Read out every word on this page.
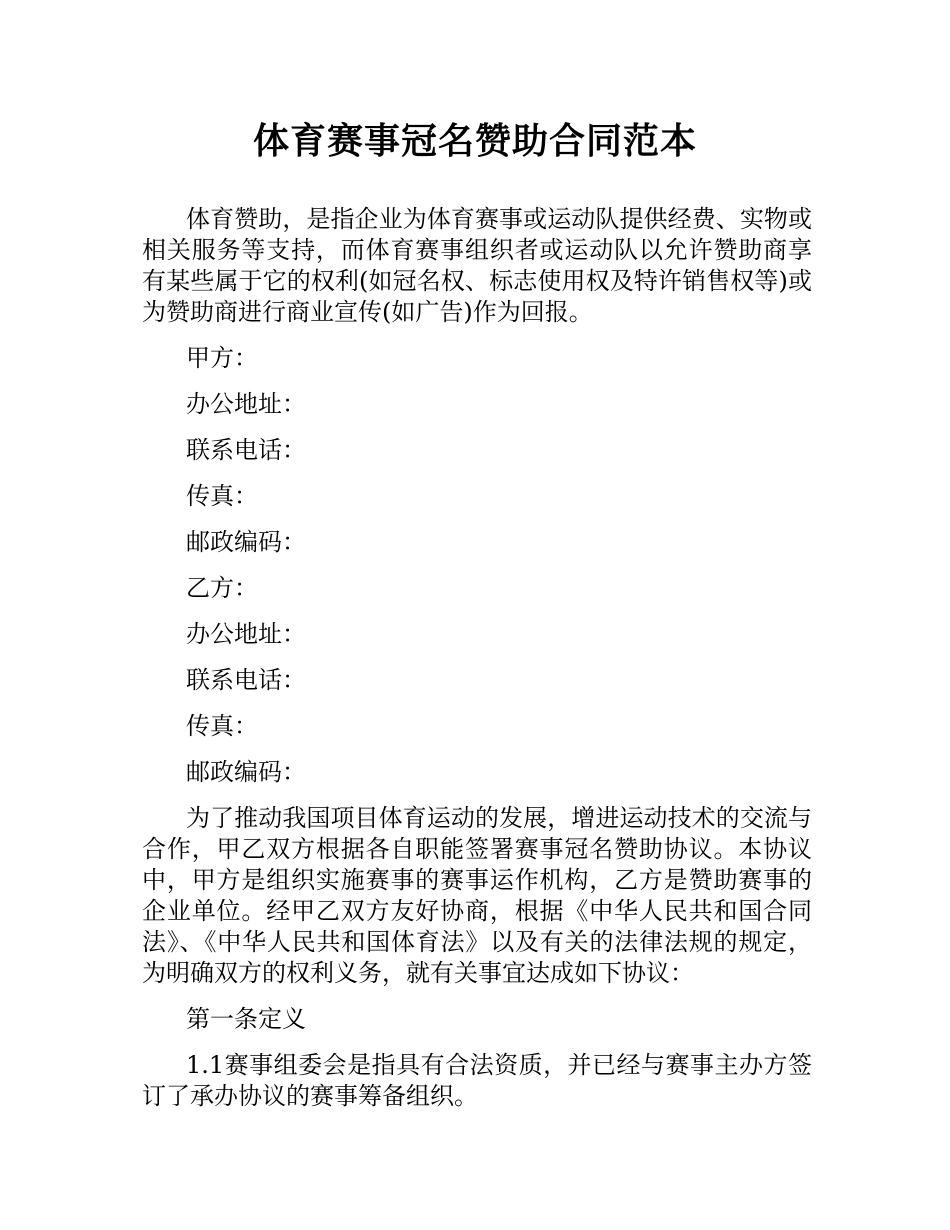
体育赛事冠名赞助合同范本

体育赞助，是指企业为体育赛事或运动队提供经费、实物或相关服务等支持，而体育赛事组织者或运动队以允许赞助商享有某些属于它的权利(如冠名权、标志使用权及特许销售权等)或为赞助商进行商业宣传(如广告)作为回报。

甲方：

办公地址：

联系电话：

传真：

邮政编码：

乙方：

办公地址：

联系电话：

传真：

邮政编码：

为了推动我国项目体育运动的发展，增进运动技术的交流与合作，甲乙双方根据各自职能签署赛事冠名赞助协议。本协议中，甲方是组织实施赛事的赛事运作机构，乙方是赞助赛事的企业单位。经甲乙双方友好协商，根据《中华人民共和国合同法》、《中华人民共和国体育法》以及有关的法律法规的规定，为明确双方的权利义务，就有关事宜达成如下协议：

第一条定义

1.1赛事组委会是指具有合法资质，并已经与赛事主办方签订了承办协议的赛事筹备组织。
